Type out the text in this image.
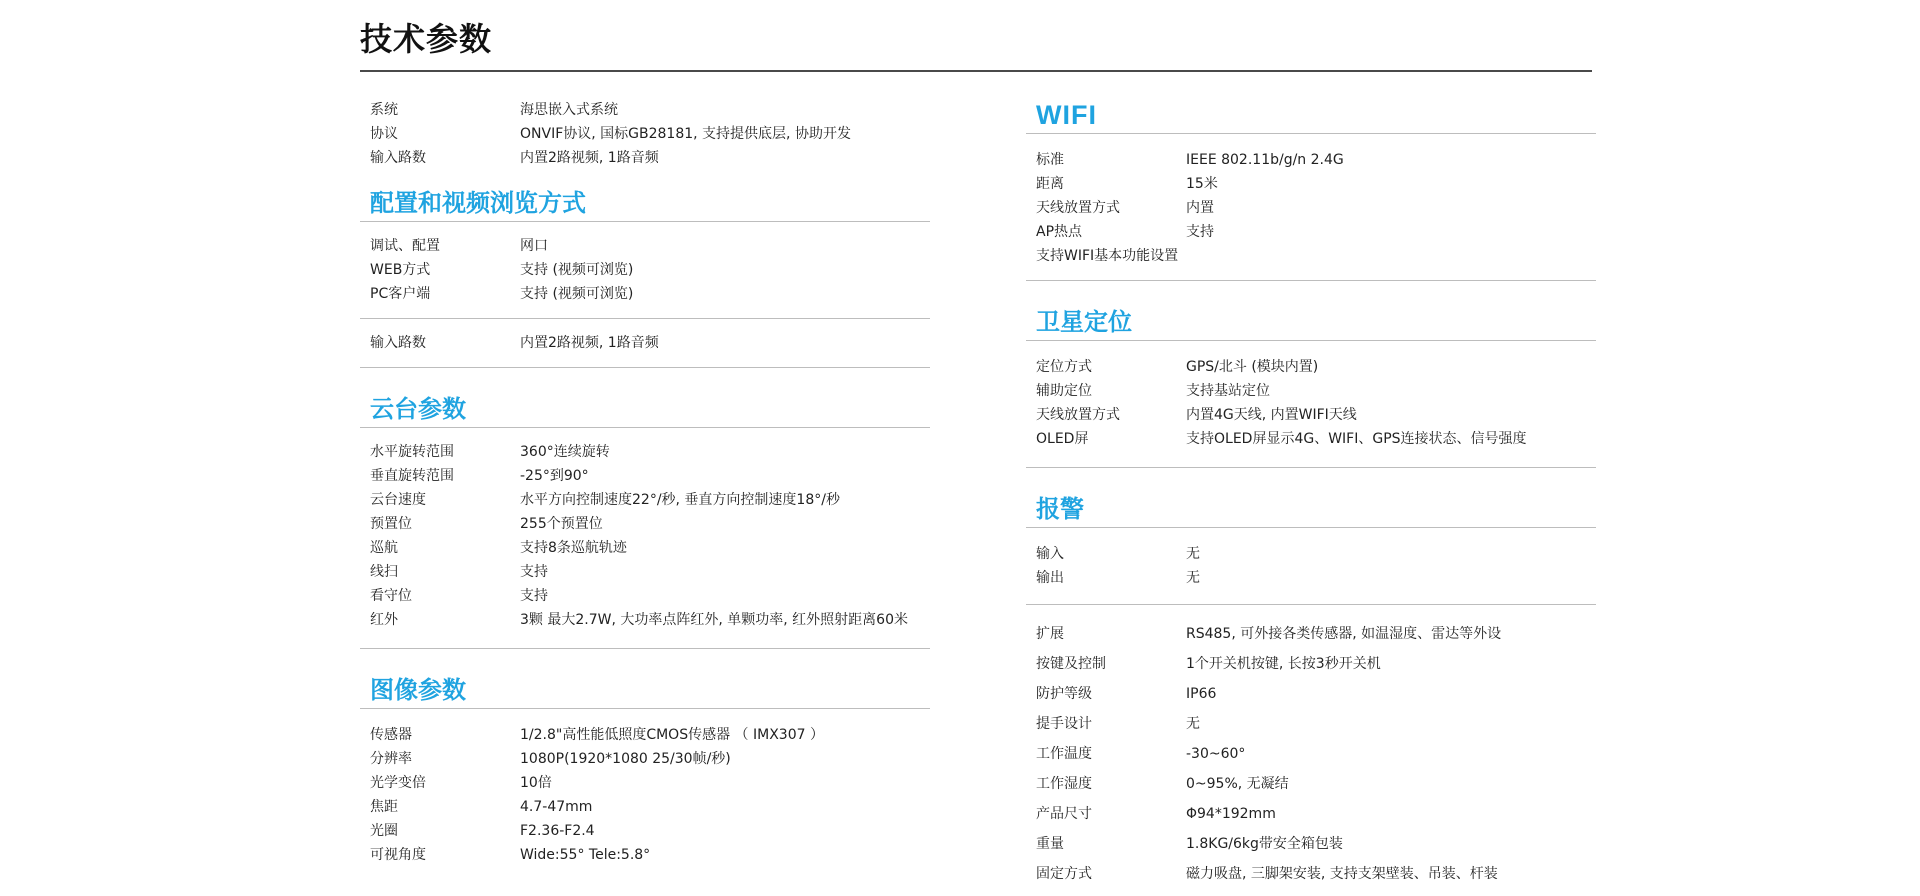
技术参数
系统	海思嵌入式系统
协议	ONVIF协议, 国标GB28181, 支持提供底层, 协助开发
输入路数	内置2路视频, 1路音频
配置和视频浏览方式
调试、配置	网口
WEB方式	支持 (视频可浏览)
PC客户端	支持 (视频可浏览)
输入路数	内置2路视频, 1路音频
云台参数
水平旋转范围	360°连续旋转
垂直旋转范围	-25°到90°
云台速度	水平方向控制速度22°/秒, 垂直方向控制速度18°/秒
预置位	255个预置位
巡航	支持8条巡航轨迹
线扫	支持
看守位	支持
红外	3颗 最大2.7W, 大功率点阵红外, 单颗功率, 红外照射距离60米
图像参数
传感器	1/2.8"高性能低照度CMOS传感器 （ IMX307 ）
分辨率	1080P(1920*1080 25/30帧/秒)
光学变倍	10倍
焦距	4.7-47mm
光圈	F2.36-F2.4
可视角度	Wide:55° Tele:5.8°
WIFI
标准	IEEE 802.11b/g/n 2.4G
距离	15米
天线放置方式	内置
AP热点	支持
支持WIFI基本功能设置
卫星定位
定位方式	GPS/北斗 (模块内置)
辅助定位	支持基站定位
天线放置方式	内置4G天线, 内置WIFI天线
OLED屏	支持OLED屏显示4G、WIFI、GPS连接状态、信号强度
报警
输入	无
输出	无
扩展	RS485, 可外接各类传感器, 如温湿度、雷达等外设
按键及控制	1个开关机按键, 长按3秒开关机
防护等级	IP66
提手设计	无
工作温度	-30~60°
工作湿度	0~95%, 无凝结
产品尺寸	Φ94*192mm
重量	1.8KG/6kg带安全箱包装
固定方式	磁力吸盘, 三脚架安装, 支持支架壁装、吊装、杆装
